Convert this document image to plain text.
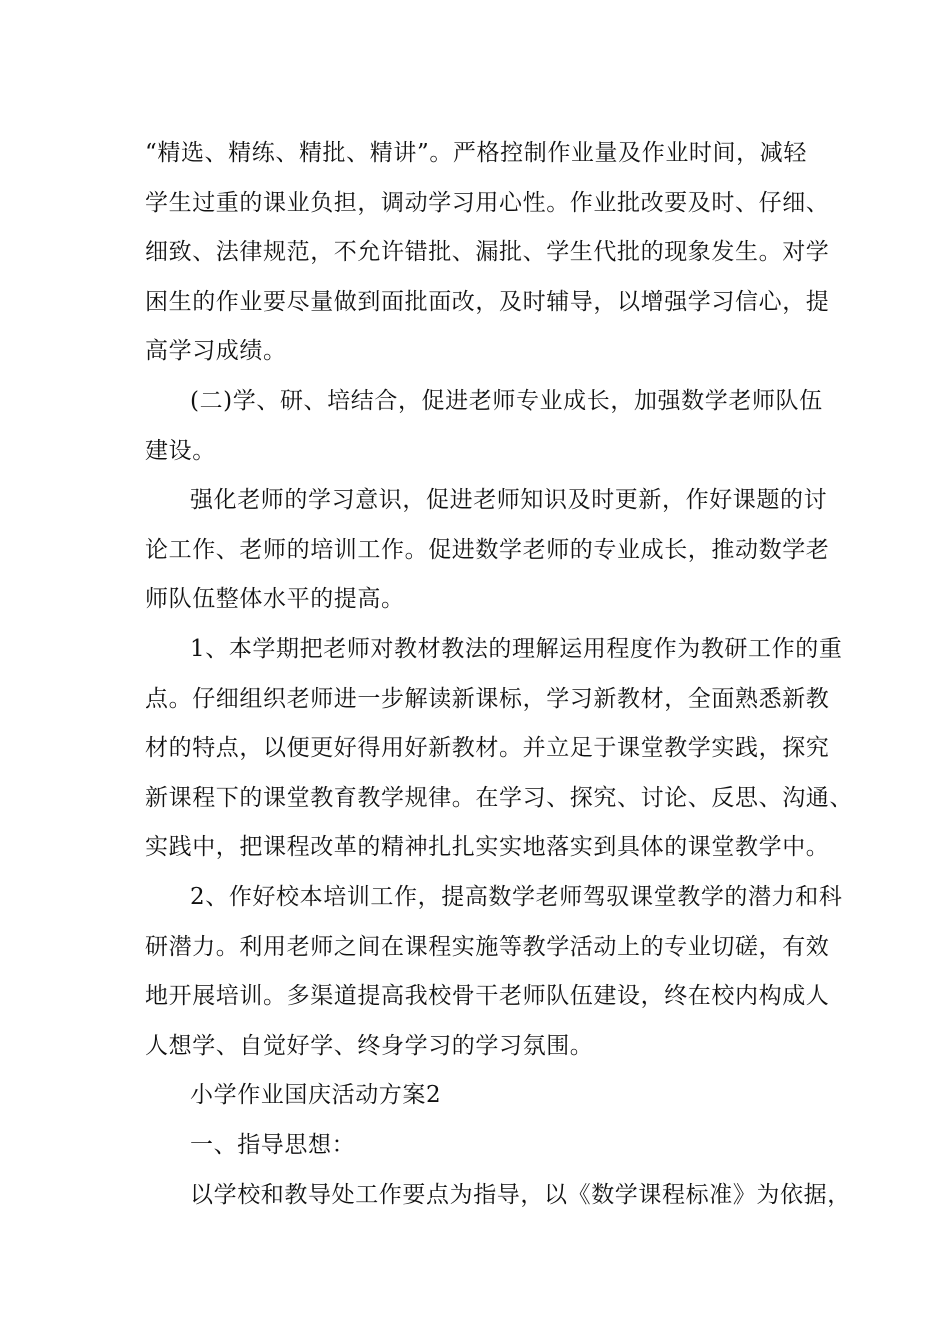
“精选、精练、精批、精讲”。严格控制作业量及作业时间，减轻
学生过重的课业负担，调动学习用心性。作业批改要及时、仔细、
细致、法律规范，不允许错批、漏批、学生代批的现象发生。对学
困生的作业要尽量做到面批面改，及时辅导，以增强学习信心，提
高学习成绩。
(二)学、研、培结合，促进老师专业成长，加强数学老师队伍
建设。
强化老师的学习意识，促进老师知识及时更新，作好课题的讨
论工作、老师的培训工作。促进数学老师的专业成长，推动数学老
师队伍整体水平的提高。
1、本学期把老师对教材教法的理解运用程度作为教研工作的重
点。仔细组织老师进一步解读新课标，学习新教材，全面熟悉新教
材的特点，以便更好得用好新教材。并立足于课堂教学实践，探究
新课程下的课堂教育教学规律。在学习、探究、讨论、反思、沟通、
实践中，把课程改革的精神扎扎实实地落实到具体的课堂教学中。
2、作好校本培训工作，提高数学老师驾驭课堂教学的潜力和科
研潜力。利用老师之间在课程实施等教学活动上的专业切磋，有效
地开展培训。多渠道提高我校骨干老师队伍建设，终在校内构成人
人想学、自觉好学、终身学习的学习氛围。
小学作业国庆活动方案2
一、指导思想：
以学校和教导处工作要点为指导，以《数学课程标准》为依据，
